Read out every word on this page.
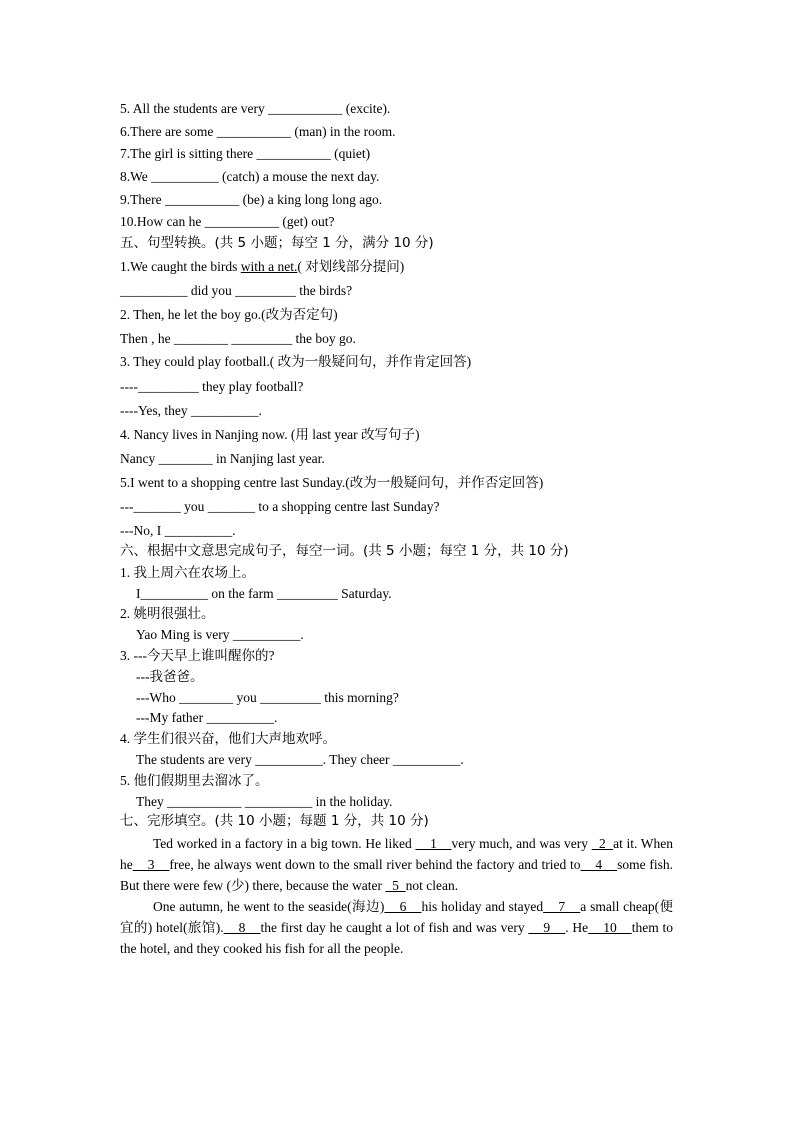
5. All the students are very ___________ (excite).
6.There are some ___________ (man) in the room.
7.The girl is sitting there ___________ (quiet)
8.We __________ (catch) a mouse the next day.
9.There ___________ (be) a king long long ago.
10.How can he ___________ (get) out?
五、句型转换。(共 5 小题；每空 1 分，满分 10 分)
1.We caught the birds with a net.( 对划线部分提问)
__________ did you _________ the birds?
2. Then, he let the boy go.(改为否定句)
Then , he ________ _________ the boy go.
3. They could play football.( 改为一般疑问句，并作肯定回答)
----_________ they play football?
----Yes, they __________.
4. Nancy lives in Nanjing now. (用 last year 改写句子)
Nancy ________ in Nanjing last year.
5.I went to a shopping centre last Sunday.(改为一般疑问句，并作否定回答)
---_______ you _______ to a shopping centre last Sunday?
---No, I __________.
六、根据中文意思完成句子，每空一词。(共 5 小题；每空 1 分，共 10 分)
1. 我上周六在农场上。
I__________ on the farm _________ Saturday.
2. 姚明很强壮。
Yao Ming is very __________.
3. ---今天早上谁叫醒你的?
---我爸爸。
---Who ________ you _________ this morning?
---My father __________.
4. 学生们很兴奋，他们大声地欢呼。
The students are very __________. They cheer __________.
5. 他们假期里去溜冰了。
They ___________ __________ in the holiday.
七、完形填空。(共 10 小题；每题 1 分，共 10 分)

Ted worked in a factory in a big town. He liked     1    very much, and was very   2  at it. When he    3    free, he always went down to the small river behind the factory and tried to    4    some fish. But there were few (少) there, because the water   5  not clean.

One autumn, he went to the seaside(海边)    6    his holiday and stayed    7    a small cheap(便宜的) hotel(旅馆).    8    the first day he caught a lot of fish and was very     9    . He    10    them to the hotel, and they cooked his fish for all the people.
